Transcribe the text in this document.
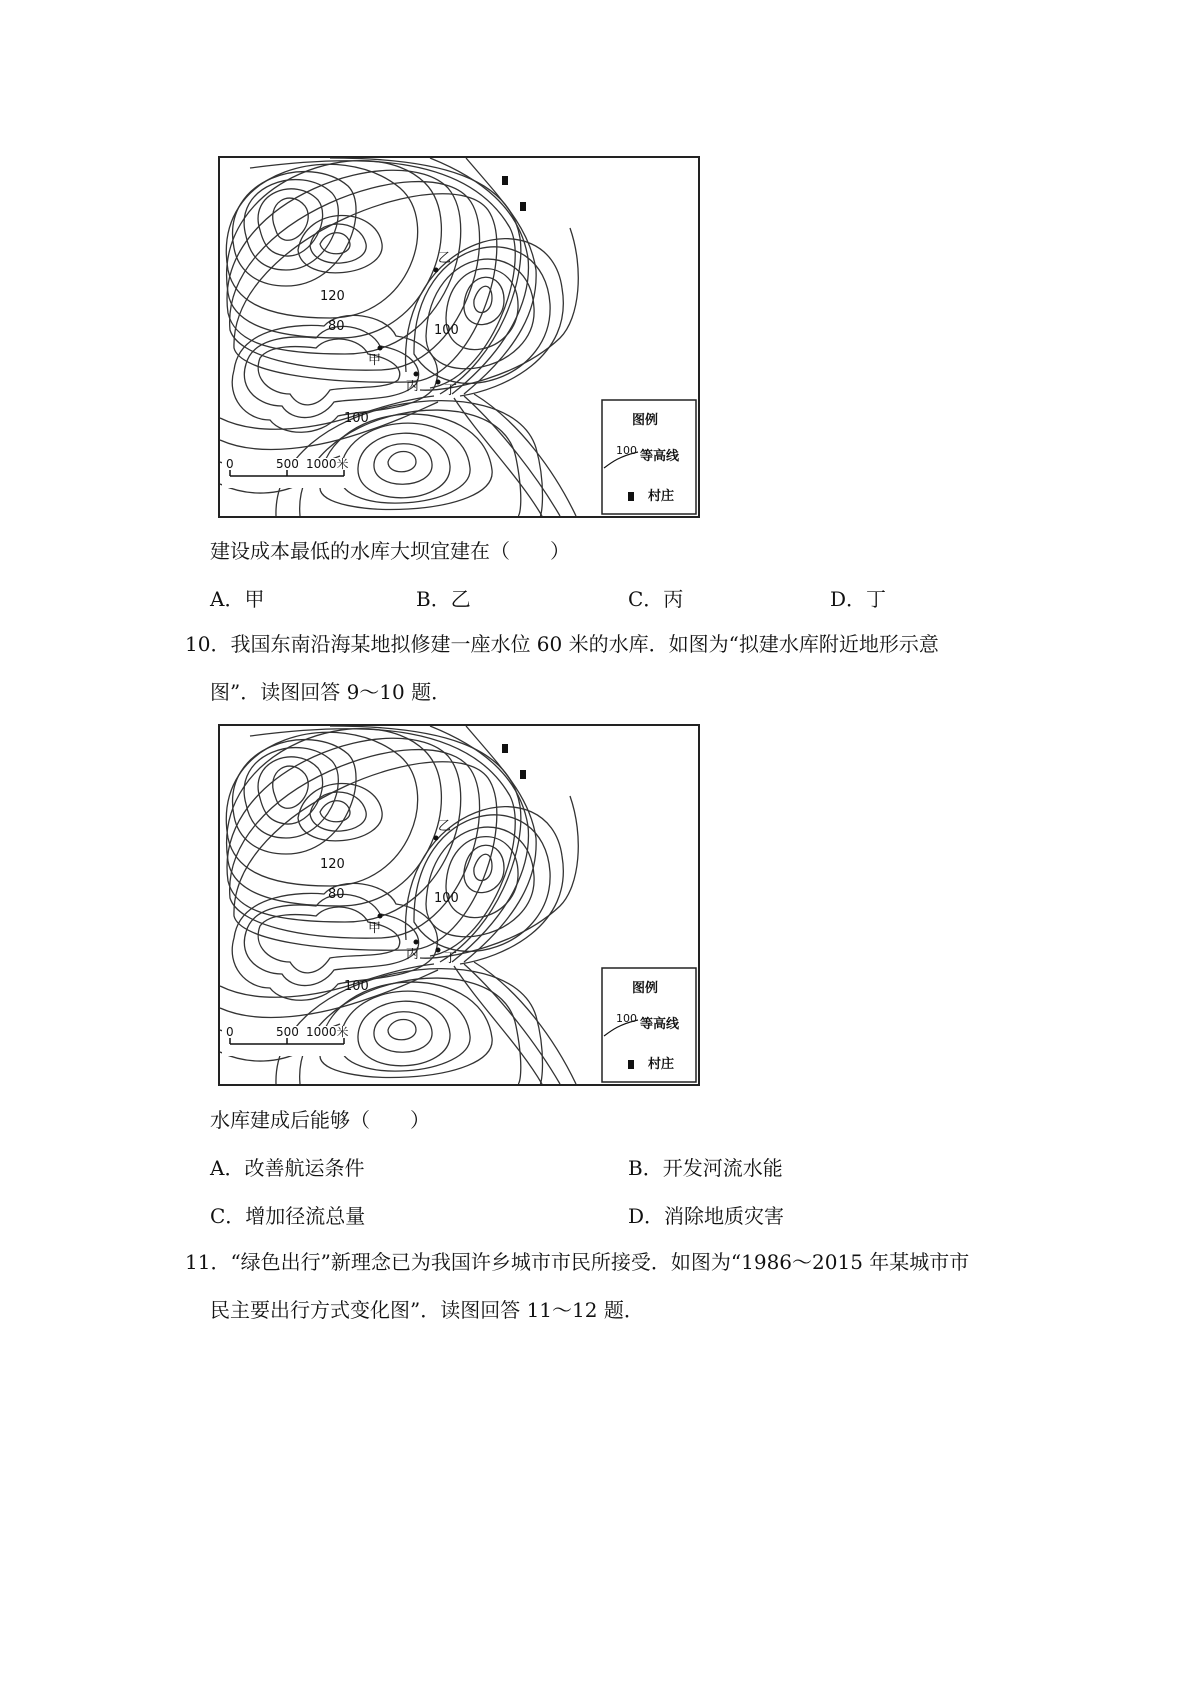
乙
甲
丙 丁
120
80	100
100
0	500 1000米
图例
等高线
村庄
100

建设成本最低的水库大坝宜建在（　　）

A．甲	B．乙	C．丙	D．丁

10．我国东南沿海某地拟修建一座水位 60 米的水库．如图为“拟建水库附近地形示意

图”．读图回答 9～10 题．

乙
甲
丙 丁
120
80	100
100
0	500 1000米
图例
等高线
村庄
100

水库建成后能够（　　）

A．改善航运条件	B．开发河流水能
C．增加径流总量	D．消除地质灾害

11．“绿色出行”新理念已为我国许乡城市市民所接受．如图为“1986～2015 年某城市市

民主要出行方式变化图”．读图回答 11～12 题．
